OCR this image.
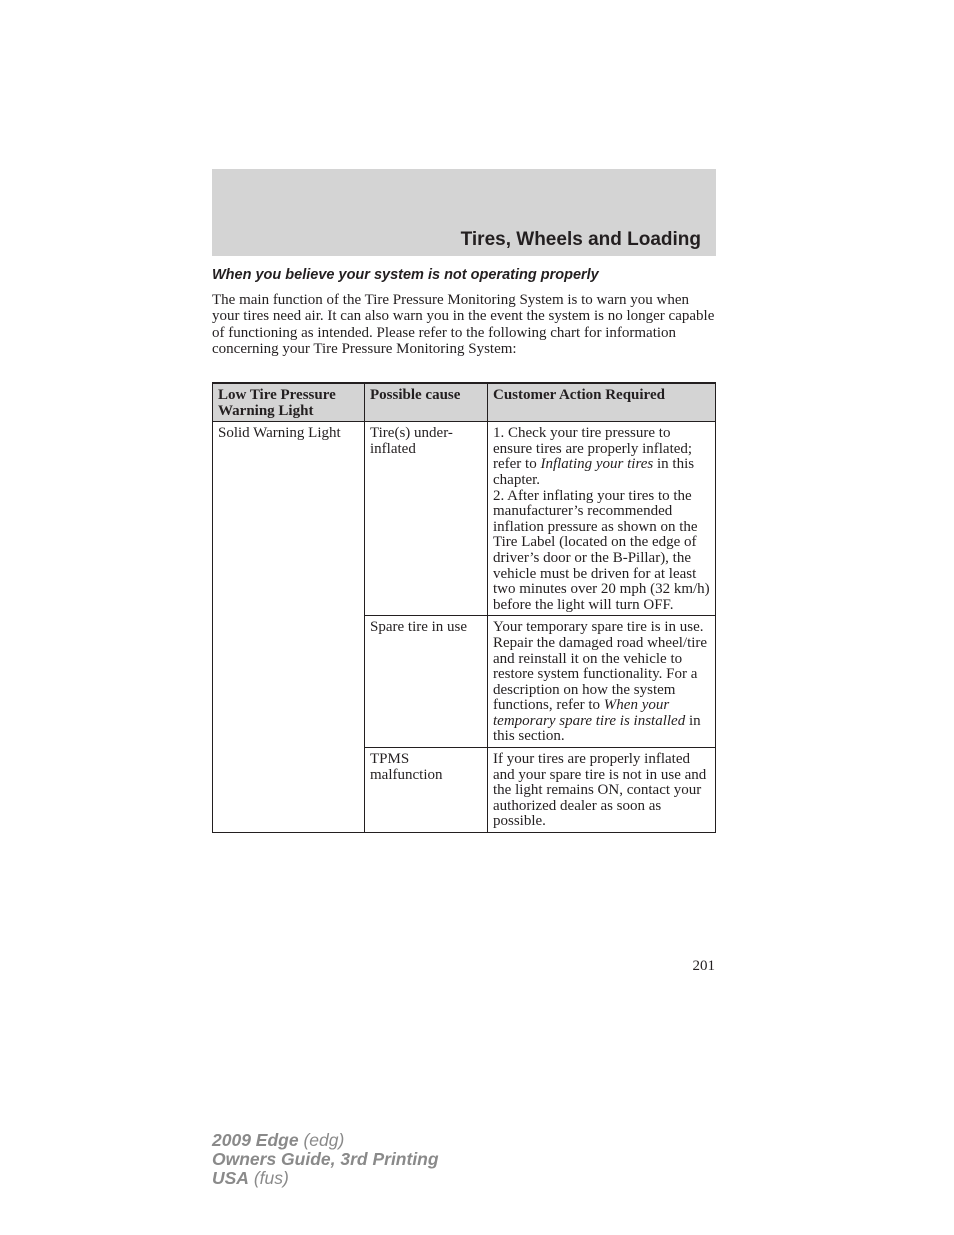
Tires, Wheels and Loading
When you believe your system is not operating properly

The main function of the Tire Pressure Monitoring System is to warn you when your tires need air. It can also warn you in the event the system is no longer capable of functioning as intended. Please refer to the following chart for information concerning your Tire Pressure Monitoring System:

Low Tire Pressure Warning Light	Possible cause	Customer Action Required
Solid Warning Light	Tire(s) under-inflated	1. Check your tire pressure to ensure tires are properly inflated; refer to Inflating your tires in this chapter.
2. After inflating your tires to the manufacturer’s recommended inflation pressure as shown on the Tire Label (located on the edge of driver’s door or the B-Pillar), the vehicle must be driven for at least two minutes over 20 mph (32 km/h) before the light will turn OFF.
	Spare tire in use	Your temporary spare tire is in use. Repair the damaged road wheel/tire and reinstall it on the vehicle to restore system functionality. For a description on how the system functions, refer to When your temporary spare tire is installed in this section.
	TPMS malfunction	If your tires are properly inflated and your spare tire is not in use and the light remains ON, contact your authorized dealer as soon as possible.
201
2009 Edge (edg)
Owners Guide, 3rd Printing
USA (fus)
